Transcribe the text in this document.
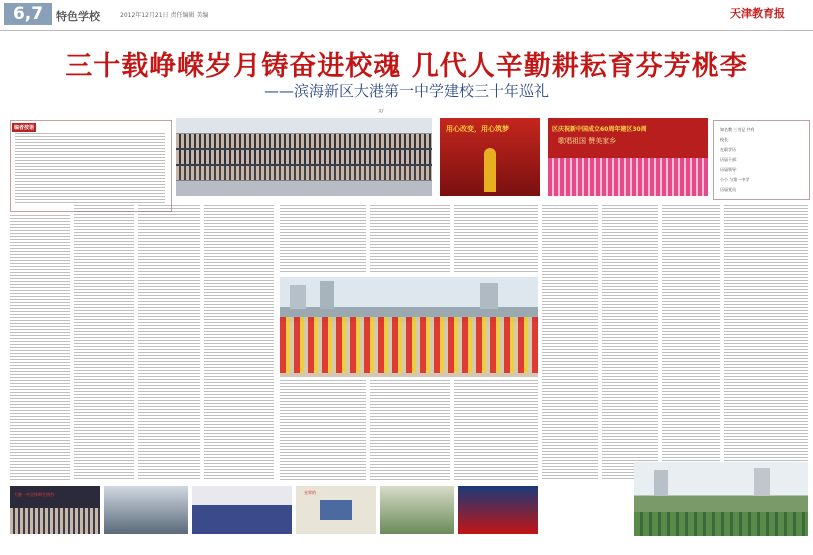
6,7	特色学校	2012年12月21日 责任编辑 美编	天津教育报
三十载峥嵘岁月铸奋进校魂 几代人辛勤耕耘育芬芳桃李
——滨海新区大港第一中学建校三十年巡礼
文/
编者按语	用心改变，用心筑梦	区庆祝新中国成立60周年建区30周
歌唱祖国 赞美家乡
知名教 三书记 共有
校长：
在职学历
历届干部：
历届领导：
小小 与第一中学
历届党员
大港一中全体师生热烈	光荣的
